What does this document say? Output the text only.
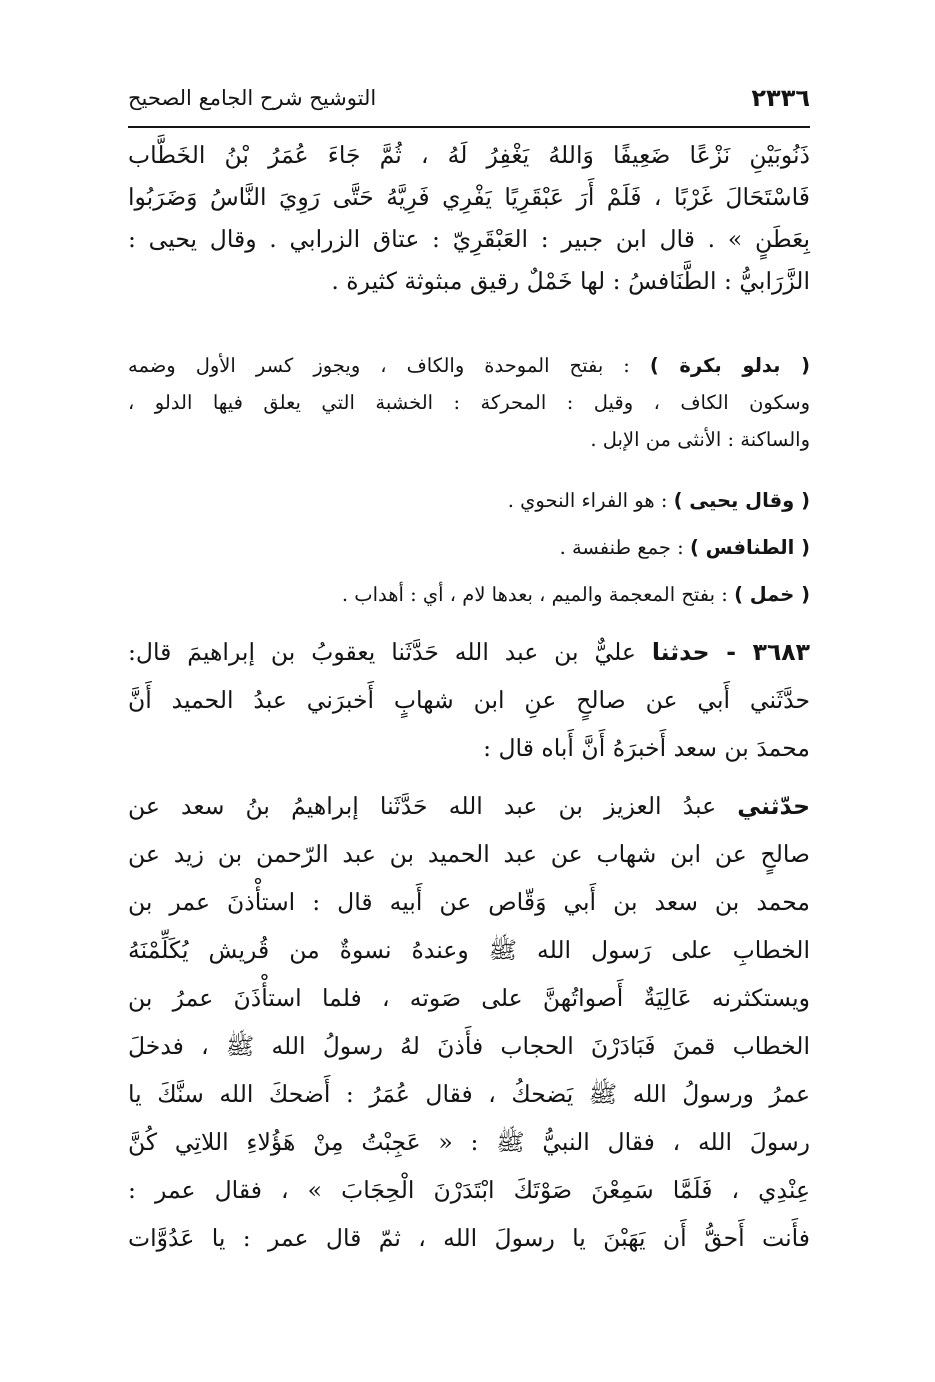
٢٣٣٦
التوشيح شرح الجامع الصحيح
ذَنُوبَيْنِ نَزْعًا ضَعِيفًا وَاللهُ يَغْفِرُ لَهُ ، ثُمَّ جَاءَ عُمَرُ بْنُ الخَطَّاب
فَاسْتَحَالَ غَرْبًا ، فَلَمْ أَرَ عَبْقَرِيًا يَفْرِي فَرِيَّهُ حَتَّى رَوِيَ النَّاسُ وَضَرَبُوا
بِعَطَنٍ » . قال ابن جبير : العَبْقَرِيّ : عتاق الزرابي . وقال يحيى :
الزَّرَابيُّ : الطَّنَافسُ : لها خَمْلٌ رقيق مبثوثة كثيرة .
( بدلو بكرة ) : بفتح الموحدة والكاف ، ويجوز كسر الأول وضمه
وسكون الكاف ، وقيل : المحركة : الخشبة التي يعلق فيها الدلو ،
والساكنة : الأنثى من الإبل .
( وقال يحيى ) : هو الفراء النحوي .
( الطنافس ) : جمع طنفسة .
( خمل ) : بفتح المعجمة والميم ، بعدها لام ، أي : أهداب .
٣٦٨٣ - حدثنا عليٌّ بن عبد الله حَدَّثَنا يعقوبُ بن إبراهيمَ قال:
حدَّثَني أَبي عن صالحٍ عنِ ابن شهابٍ أَخبرَني عبدُ الحميد أَنَّ
محمدَ بن سعد أَخبرَهُ أَنَّ أَباه قال :
حدّثني عبدُ العزيز بن عبد الله حَدَّثَنا إبراهيمُ بنُ سعد عن
صالحٍ عن ابن شهاب عن عبد الحميد بن عبد الرّحمن بن زيد عن
محمد بن سعد بن أَبي وَقّاص عن أَبيه قال : استأْذنَ عمر بن
الخطابِ على رَسول الله ﷺ وعندهُ نسوةٌ من قُريش يُكَلِّمْنَهُ
ويستكثرنه عَالِيَةٌ أَصواتُهنَّ على صَوته ، فلما استأْذَنَ عمرُ بن
الخطاب قمنَ فَبَادَرْنَ الحجاب فأَذنَ لهُ رسولُ الله ﷺ ، فدخلَ
عمرُ ورسولُ الله ﷺ يَضحكُ ، فقال عُمَرُ : أَضحكَ الله سنَّكَ يا
رسولَ الله ، فقال النبيُّ ﷺ : « عَجِبْتُ مِنْ هَؤُلاءِ اللاتِي كُنَّ
عِنْدِي ، فَلَمَّا سَمِعْنَ صَوْتَكَ ابْتَدَرْنَ الْحِجَابَ » ، فقال عمر :
فأَنت أَحقُّ أَن يَهَبْنَ يا رسولَ الله ، ثمّ قال عمر : يا عَدُوَّات
